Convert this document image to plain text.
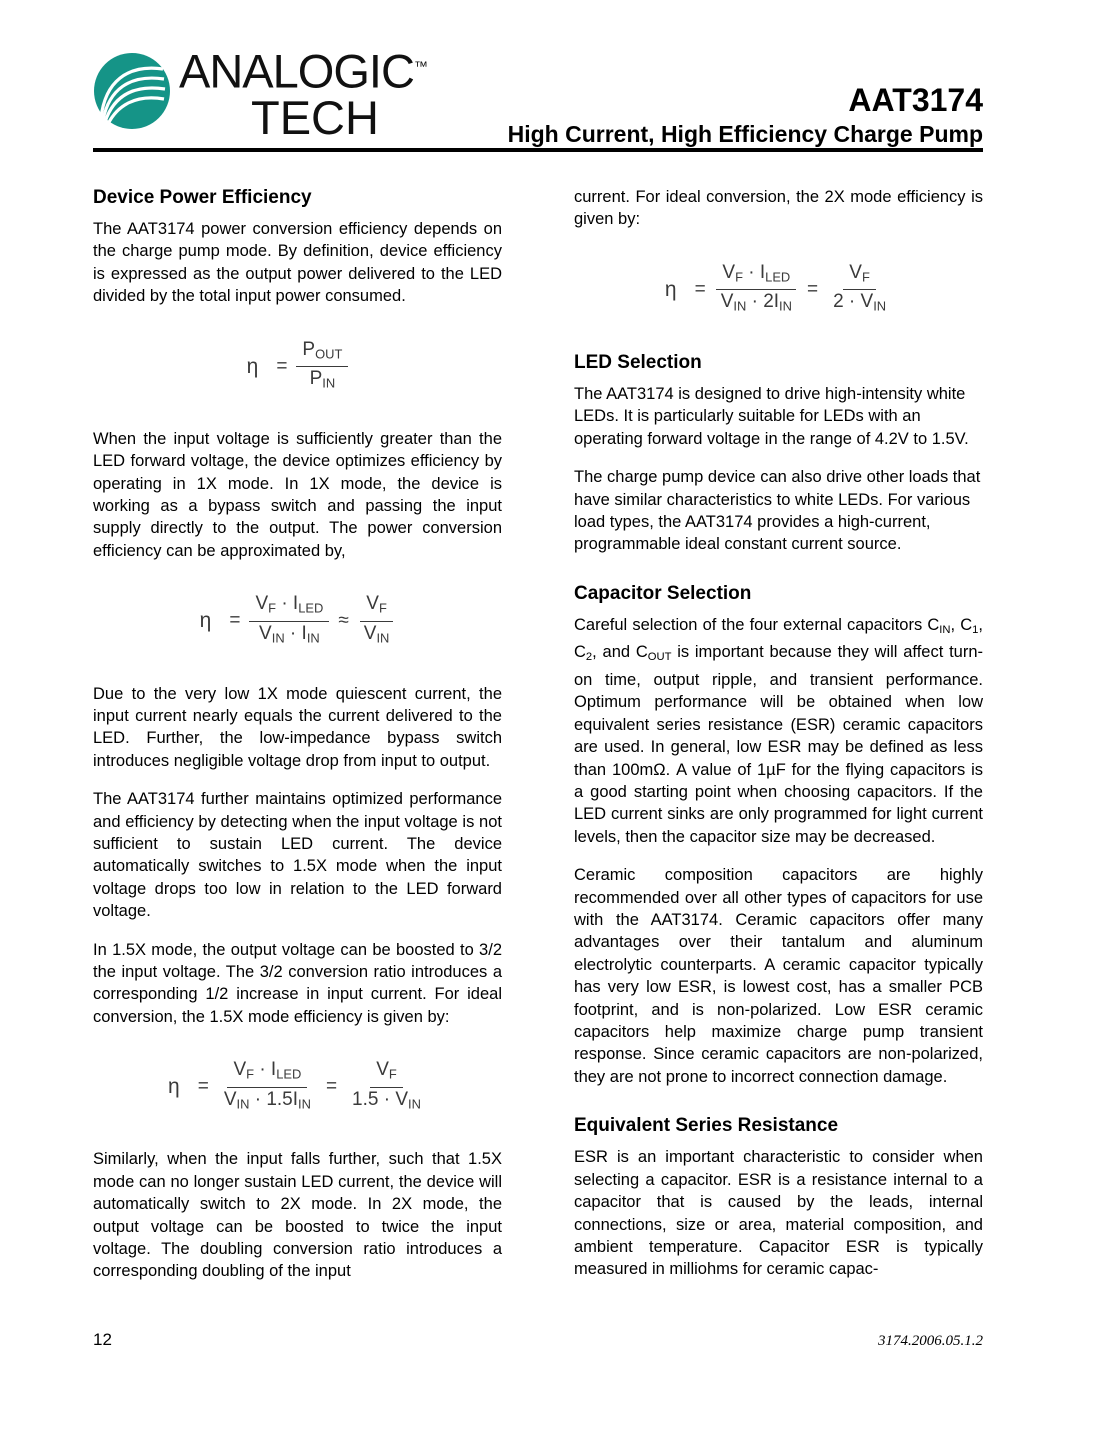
ANALOGIC™
TECH	AAT3174
High Current, High Efficiency Charge Pump
Device Power Efficiency

The AAT3174 power conversion efficiency depends on the charge pump mode. By definition, device efficiency is expressed as the output power delivered to the LED divided by the total input power consumed.

$\eta = \frac{P_{OUT}}{P_{IN}}$

When the input voltage is sufficiently greater than the LED forward voltage, the device optimizes efficiency by operating in 1X mode. In 1X mode, the device is working as a bypass switch and passing the input supply directly to the output. The power conversion efficiency can be approximated by,

$\eta = \frac{V_F \cdot I_{LED}}{V_{IN} \cdot I_{IN}} \approx \frac{V_F}{V_{IN}}$

Due to the very low 1X mode quiescent current, the input current nearly equals the current delivered to the LED. Further, the low-impedance bypass switch introduces negligible voltage drop from input to output.

The AAT3174 further maintains optimized performance and efficiency by detecting when the input voltage is not sufficient to sustain LED current. The device automatically switches to 1.5X mode when the input voltage drops too low in relation to the LED forward voltage.

In 1.5X mode, the output voltage can be boosted to 3/2 the input voltage. The 3/2 conversion ratio introduces a corresponding 1/2 increase in input current. For ideal conversion, the 1.5X mode efficiency is given by:

$\eta = \frac{V_F \cdot I_{LED}}{V_{IN} \cdot 1.5I_{IN}} = \frac{V_F}{1.5 \cdot V_{IN}}$

Similarly, when the input falls further, such that 1.5X mode can no longer sustain LED current, the device will automatically switch to 2X mode. In 2X mode, the output voltage can be boosted to twice the input voltage. The doubling conversion ratio introduces a corresponding doubling of the input

current. For ideal conversion, the 2X mode efficiency is given by:

$\eta = \frac{V_F \cdot I_{LED}}{V_{IN} \cdot 2I_{IN}} = \frac{V_F}{2 \cdot V_{IN}}$
LED Selection

The AAT3174 is designed to drive high-intensity white LEDs. It is particularly suitable for LEDs with an operating forward voltage in the range of 4.2V to 1.5V.

The charge pump device can also drive other loads that have similar characteristics to white LEDs. For various load types, the AAT3174 provides a high-current, programmable ideal constant current source.

Capacitor Selection

Careful selection of the four external capacitors $C_{IN}$, $C_1$, $C_2$, and $C_{OUT}$ is important because they will affect turn-on time, output ripple, and transient performance. Optimum performance will be obtained when low equivalent series resistance (ESR) ceramic capacitors are used. In general, low ESR may be defined as less than 100mΩ. A value of 1µF for the flying capacitors is a good starting point when choosing capacitors. If the LED current sinks are only programmed for light current levels, then the capacitor size may be decreased.

Ceramic composition capacitors are highly recommended over all other types of capacitors for use with the AAT3174. Ceramic capacitors offer many advantages over their tantalum and aluminum electrolytic counterparts. A ceramic capacitor typically has very low ESR, is lowest cost, has a smaller PCB footprint, and is non-polarized. Low ESR ceramic capacitors help maximize charge pump transient response. Since ceramic capacitors are non-polarized, they are not prone to incorrect connection damage.

Equivalent Series Resistance

ESR is an important characteristic to consider when selecting a capacitor. ESR is a resistance internal to a capacitor that is caused by the leads, internal connections, size or area, material composition, and ambient temperature. Capacitor ESR is typically measured in milliohms for ceramic capac-

12	3174.2006.05.1.2
